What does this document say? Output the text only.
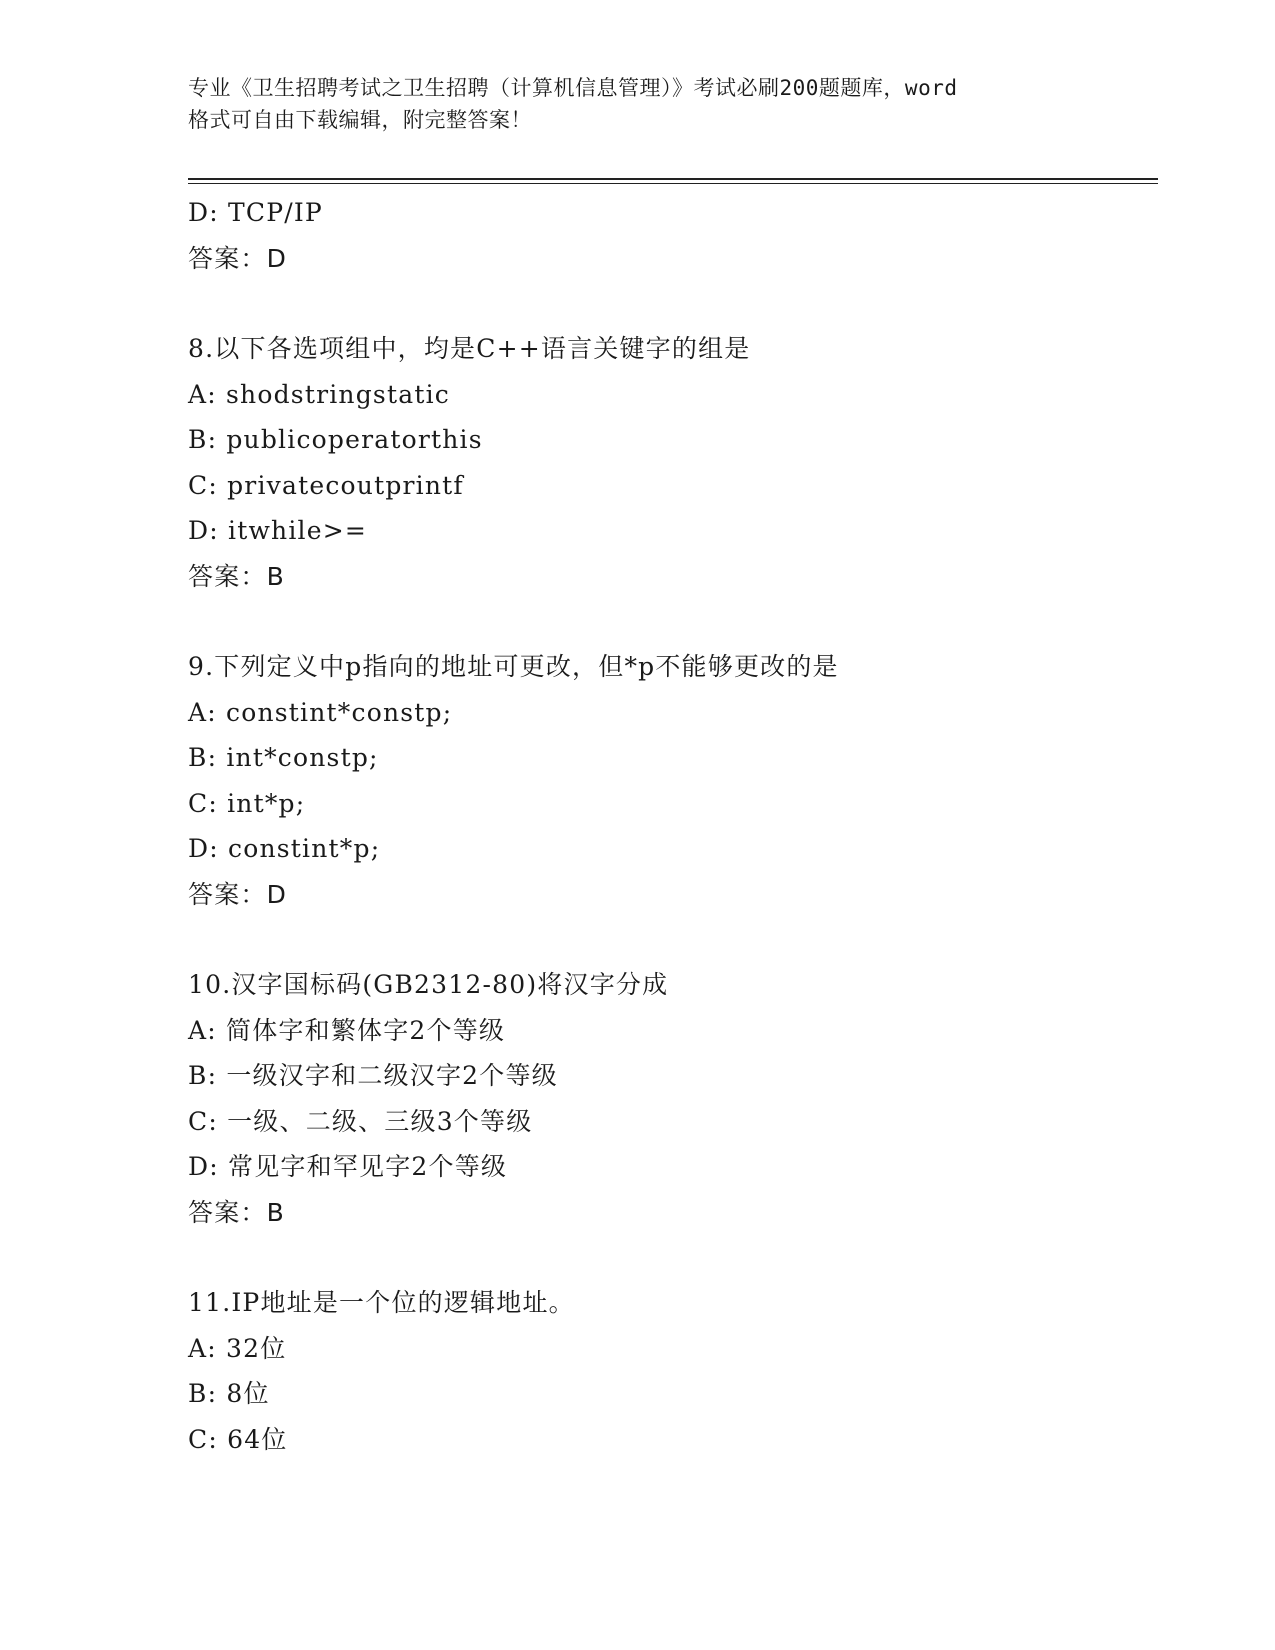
专业《卫生招聘考试之卫生招聘（计算机信息管理）》考试必刷200题题库，word
格式可自由下载编辑，附完整答案！
D: TCP/IP
答案：D
8.以下各选项组中，均是C++语言关键字的组是
A: shodstringstatic
B: publicoperatorthis
C: privatecoutprintf
D: itwhile>=
答案：B
9.下列定义中p指向的地址可更改，但*p不能够更改的是
A: constint*constp;
B: int*constp;
C: int*p;
D: constint*p;
答案：D
10.汉字国标码(GB2312-80)将汉字分成
A: 简体字和繁体字2个等级
B: 一级汉字和二级汉字2个等级
C: 一级、二级、三级3个等级
D: 常见字和罕见字2个等级
答案：B
11.IP地址是一个位的逻辑地址。
A: 32位
B: 8位
C: 64位
